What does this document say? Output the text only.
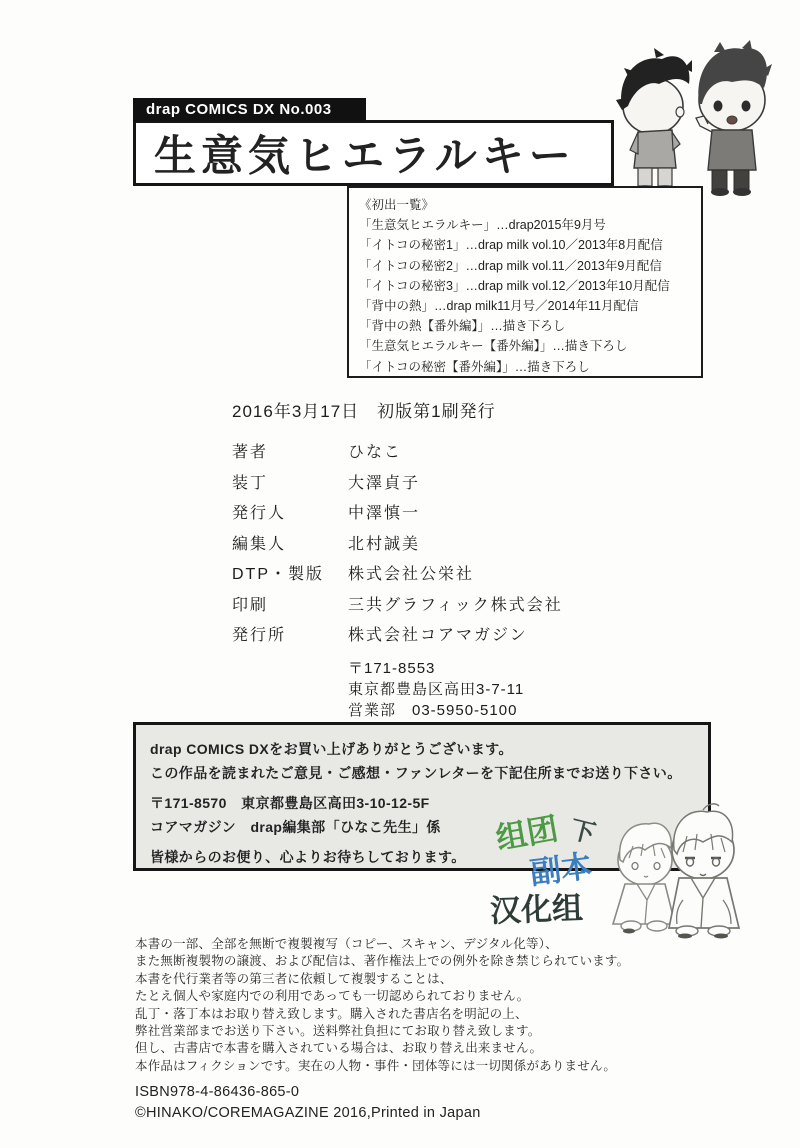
drap COMICS DX No.003
生意気ヒエラルキー
《初出一覧》
「生意気ヒエラルキー」…drap2015年9月号
「イトコの秘密1」…drap milk vol.10／2013年8月配信
「イトコの秘密2」…drap milk vol.11／2013年9月配信
「イトコの秘密3」…drap milk vol.12／2013年10月配信
「背中の熱」…drap milk11月号／2014年11月配信
「背中の熱【番外編】」…描き下ろし
「生意気ヒエラルキー【番外編】」…描き下ろし
「イトコの秘密【番外編】」…描き下ろし
2016年3月17日　初版第1刷発行
著者	ひなこ
装丁	大澤貞子
発行人	中澤慎一
編集人	北村誠美
DTP・製版	株式会社公栄社
印刷	三共グラフィック株式会社
発行所	株式会社コアマガジン
〒171-8553
東京都豊島区高田3-7-11
営業部　03-5950-5100
drap COMICS DXをお買い上げありがとうございます。
この作品を読まれたご意見・ご感想・ファンレターを下記住所までお送り下さい。
〒171-8570　東京都豊島区高田3-10-12-5F
コアマガジン　drap編集部「ひなこ先生」係
皆様からのお便り、心よりお待ちしております。
组团 下
副本
汉化组
本書の一部、全部を無断で複製複写（コピー、スキャン、デジタル化等）、
また無断複製物の譲渡、および配信は、著作権法上での例外を除き禁じられています。
本書を代行業者等の第三者に依頼して複製することは、
たとえ個人や家庭内での利用であっても一切認められておりません。
乱丁・落丁本はお取り替え致します。購入された書店名を明記の上、
弊社営業部までお送り下さい。送料弊社負担にてお取り替え致します。
但し、古書店で本書を購入されている場合は、お取り替え出来ません。
本作品はフィクションです。実在の人物・事件・団体等には一切関係がありません。
ISBN978-4-86436-865-0
©HINAKO/COREMAGAZINE 2016,Printed in Japan
